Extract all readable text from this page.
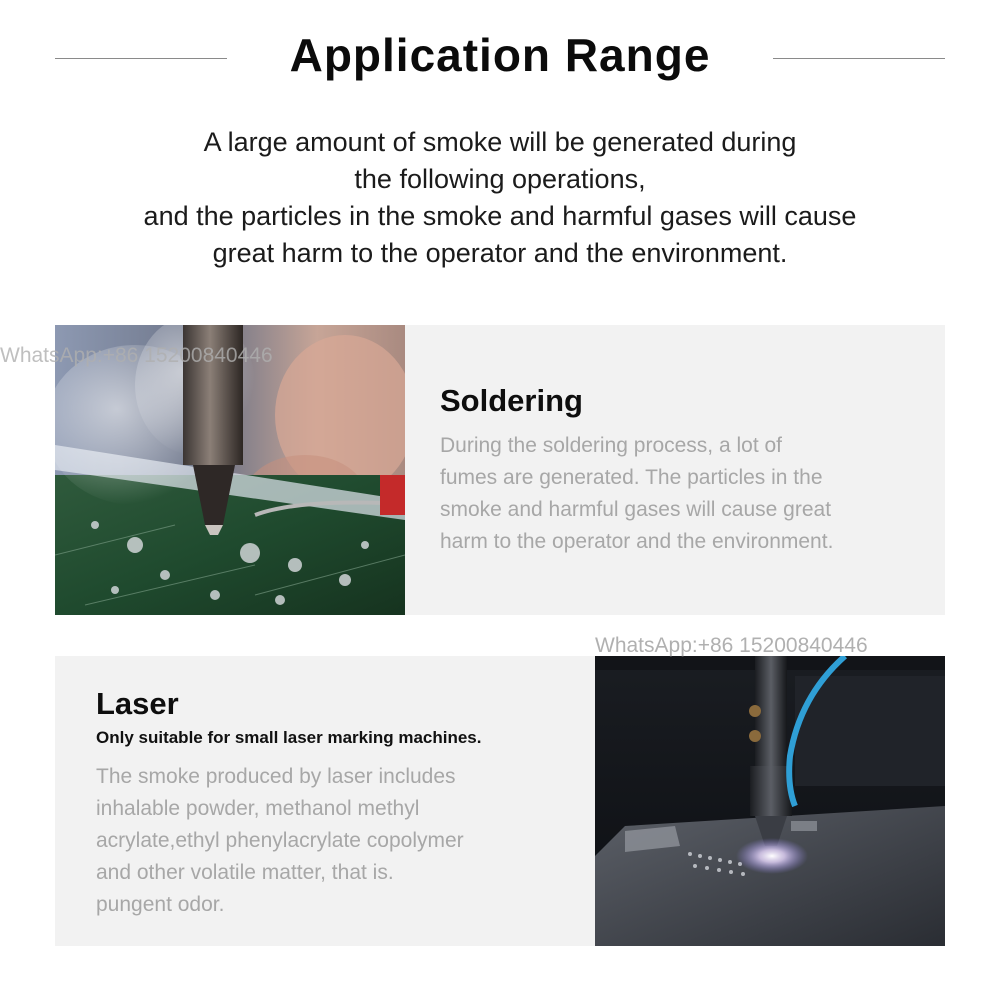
Application Range
A large amount of smoke will be generated during
the following operations,
and the particles in the smoke and harmful gases will cause
great harm to the operator and the environment.
Soldering
During the soldering process, a lot of
fumes are generated. The particles in the
smoke and harmful gases will cause great
harm to the operator and the environment.
Laser
Only suitable for small laser marking machines.
The smoke produced by laser includes
inhalable powder, methanol methyl
acrylate,ethyl phenylacrylate copolymer
and other volatile matter, that is.
pungent odor.
WhatsApp:+86 15200840446
WhatsApp:+86 15200840446
